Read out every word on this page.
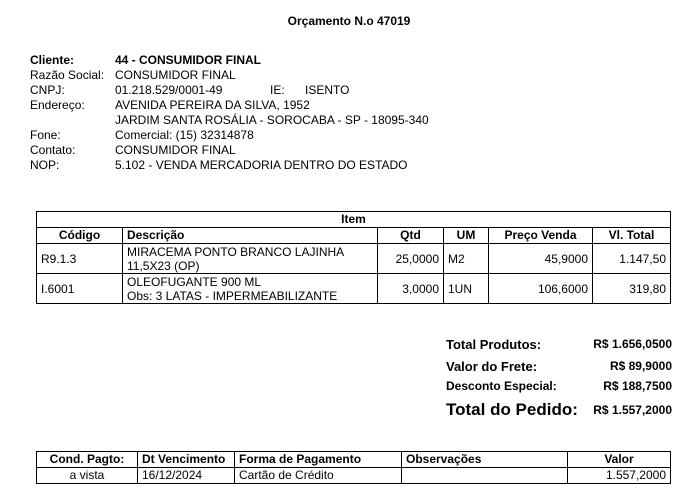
Orçamento N.o 47019
Cliente:	44 - CONSUMIDOR FINAL
Razão Social: CONSUMIDOR FINAL
CNPJ:	01.218.529/0001-49	IE: ISENTO
Endereço:	AVENIDA PEREIRA DA SILVA, 1952
JARDIM SANTA ROSÁLIA - SOROCABA - SP - 18095-340
Fone:	Comercial: (15) 32314878
Contato:	CONSUMIDOR FINAL
NOP:	5.102 - VENDA MERCADORIA DENTRO DO ESTADO
Item					
Código	Descrição	Qtd	UM	Preço Venda	Vl. Total
R9.1.3	MIRACEMA PONTO BRANCO LAJINHA
11,5X23 (OP)	25,0000	M2	45,9000	1.147,50
I.6001	OLEOFUGANTE 900 ML
Obs: 3 LATAS - IMPERMEABILIZANTE	3,0000	1UN	106,6000	319,80
Total Produtos:	R$ 1.656,0500
Valor do Frete:	R$ 89,9000
Desconto Especial:	R$ 188,7500
Total do Pedido: R$ 1.557,2000
Cond. Pagto:	Dt Vencimento	Forma de Pagamento	Observações	Valor
a vista	16/12/2024	Cartão de Crédito		1.557,2000
